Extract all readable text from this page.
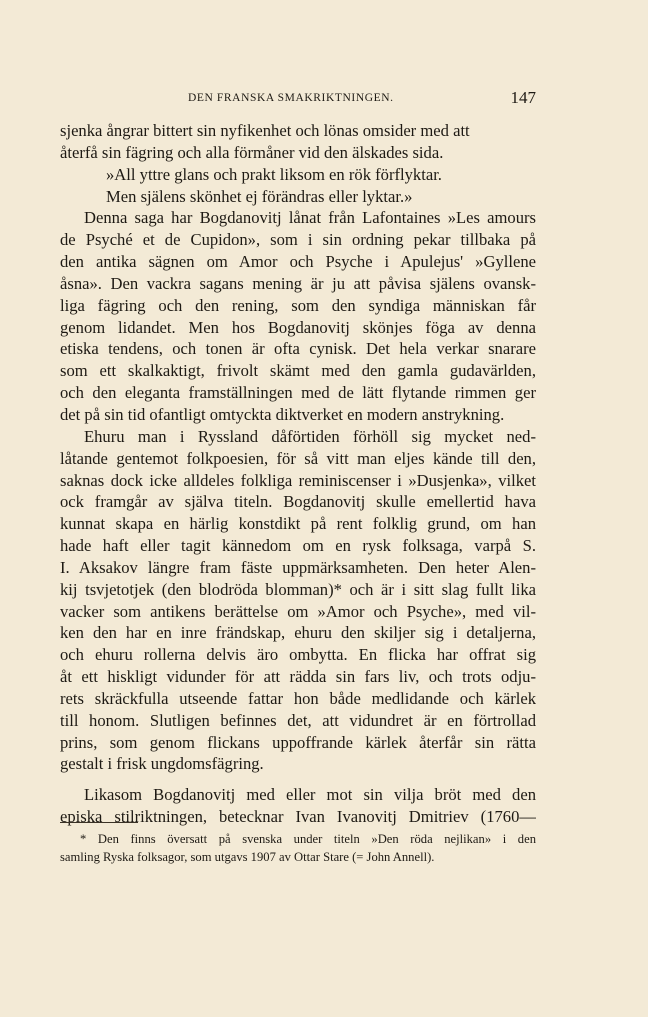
DEN FRANSKA SMAKRIKTNINGEN.	147
sjenka ångrar bittert sin nyfikenhet och lönas omsider med att
återfå sin fägring och alla förmåner vid den älskades sida.
»All yttre glans och prakt liksom en rök förflyktar.
Men själens skönhet ej förändras eller lyktar.»
Denna saga har Bogdanovitj lånat från Lafontaines »Les amours
de Psyché et de Cupidon», som i sin ordning pekar tillbaka på
den antika sägnen om Amor och Psyche i Apulejus' »Gyllene
åsna». Den vackra sagans mening är ju att påvisa själens ovansk-
liga fägring och den rening, som den syndiga människan får
genom lidandet. Men hos Bogdanovitj skönjes föga av denna
etiska tendens, och tonen är ofta cynisk. Det hela verkar snarare
som ett skalkaktigt, frivolt skämt med den gamla gudavärlden,
och den eleganta framställningen med de lätt flytande rimmen ger
det på sin tid ofantligt omtyckta diktverket en modern anstrykning.
Ehuru man i Ryssland dåförtiden förhöll sig mycket ned-
låtande gentemot folkpoesien, för så vitt man eljes kände till den,
saknas dock icke alldeles folkliga reminiscenser i »Dusjenka», vilket
ock framgår av själva titeln. Bogdanovitj skulle emellertid hava
kunnat skapa en härlig konstdikt på rent folklig grund, om han
hade haft eller tagit kännedom om en rysk folksaga, varpå S.
I. Aksakov längre fram fäste uppmärksamheten. Den heter Alen-
kij tsvjetotjek (den blodröda blomman)* och är i sitt slag fullt lika
vacker som antikens berättelse om »Amor och Psyche», med vil-
ken den har en inre frändskap, ehuru den skiljer sig i detaljerna,
och ehuru rollerna delvis äro ombytta. En flicka har offrat sig
åt ett hiskligt vidunder för att rädda sin fars liv, och trots odju-
rets skräckfulla utseende fattar hon både medlidande och kärlek
till honom. Slutligen befinnes det, att vidundret är en förtrollad
prins, som genom flickans uppoffrande kärlek återfår sin rätta
gestalt i frisk ungdomsfägring.
Likasom Bogdanovitj med eller mot sin vilja bröt med den
episka stilriktningen, betecknar Ivan Ivanovitj Dmitriev (1760—
* Den finns översatt på svenska under titeln »Den röda nejlikan» i den
samling Ryska folksagor, som utgavs 1907 av Ottar Stare (= John Annell).
